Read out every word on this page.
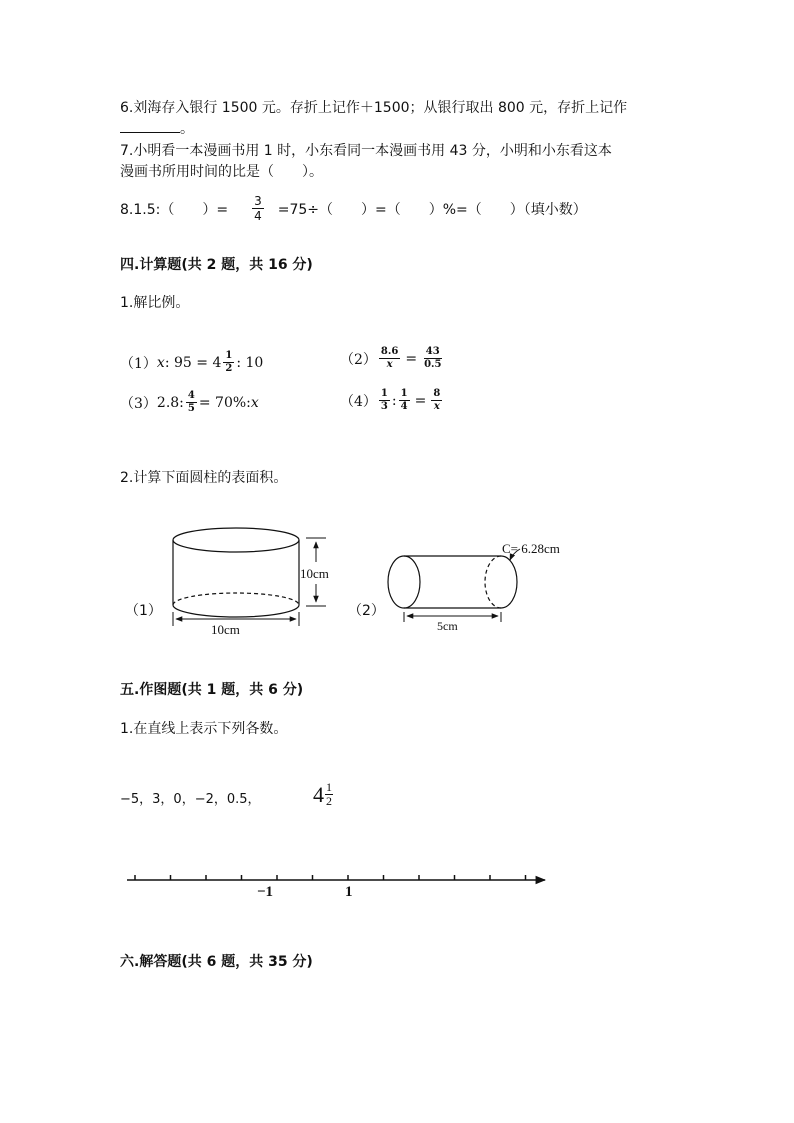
6.刘海存入银行 1500 元。存折上记作＋1500；从银行取出 800 元，存折上记作
。
7.小明看一本漫画书用 1 时，小东看同一本漫画书用 43 分，小明和小东看这本
漫画书所用时间的比是（　　）。
8.1.5:（　　）= $\frac{3}{4} =75\div$（　　）=（　　）%=（　　）（填小数）
四.计算题(共 2 题，共 16 分)
1.解比例。
（1） x : $95 = 4 \frac{1}{2}$ : 10	$(2) \frac{8.6}{x} = \frac{43}{0.5}$
（3） 2.8: $\frac{4}{5} = 70\%$: x	$(4) \frac{1}{3}$ : $\frac{1}{4} = \frac{8}{x}$
2.计算下面圆柱的表面积。
（1）	（2）
10cm
10cm
C= 6.28cm
5cm
五.作图题(共 1 题，共 6 分)
1.在直线上表示下列各数。
−5，3，0，−2，0.5， $4 \frac{1}{2}$
−1	1
六.解答题(共 6 题，共 35 分)
